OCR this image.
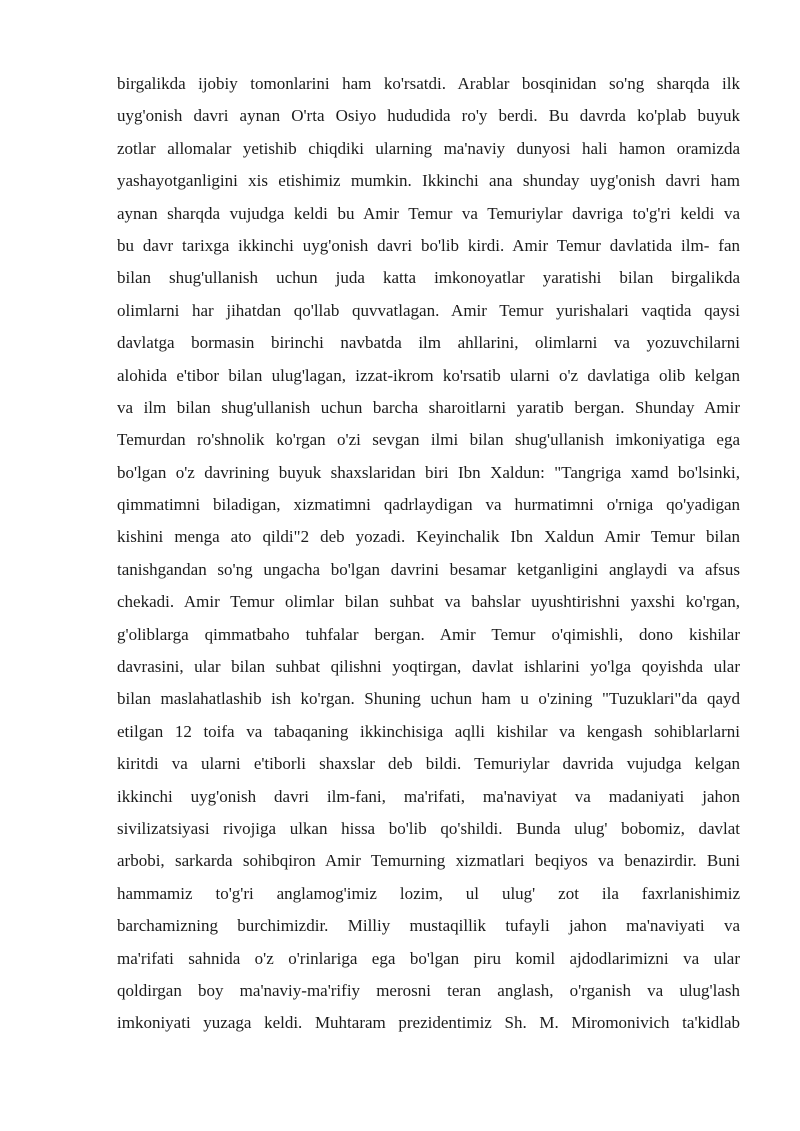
birgalikda ijobiy tomonlarini ham ko'rsatdi. Arablar bosqinidan so'ng sharqda ilk
uyg'onish davri aynan O'rta Osiyo hududida ro'y berdi. Bu davrda ko'plab buyuk
zotlar allomalar yetishib chiqdiki ularning ma'naviy dunyosi hali hamon oramizda
yashayotganligini xis etishimiz mumkin. Ikkinchi ana shunday uyg'onish davri ham
aynan sharqda vujudga keldi bu Amir Temur va Temuriylar davriga to'g'ri keldi va
bu davr tarixga ikkinchi uyg'onish davri bo'lib kirdi. Amir Temur davlatida ilm- fan
bilan shug'ullanish uchun juda katta imkonoyatlar yaratishi bilan birgalikda
olimlarni har jihatdan qo'llab quvvatlagan. Amir Temur yurishalari vaqtida qaysi
davlatga bormasin birinchi navbatda ilm ahllarini, olimlarni va yozuvchilarni
alohida e'tibor bilan ulug'lagan, izzat-ikrom ko'rsatib ularni o'z davlatiga olib kelgan
va ilm bilan shug'ullanish uchun barcha sharoitlarni yaratib bergan. Shunday Amir
Temurdan ro'shnolik ko'rgan o'zi sevgan ilmi bilan shug'ullanish imkoniyatiga ega
bo'lgan o'z davrining buyuk shaxslaridan biri Ibn Xaldun: "Tangriga xamd bo'lsinki,
qimmatimni biladigan, xizmatimni qadrlaydigan va hurmatimni o'rniga qo'yadigan
kishini menga ato qildi"2 deb yozadi. Keyinchalik Ibn Xaldun Amir Temur bilan
tanishgandan so'ng ungacha bo'lgan davrini besamar ketganligini anglaydi va afsus
chekadi. Amir Temur olimlar bilan suhbat va bahslar uyushtirishni yaxshi ko'rgan,
g'oliblarga qimmatbaho tuhfalar bergan. Amir Temur o'qimishli, dono kishilar
davrasini, ular bilan suhbat qilishni yoqtirgan, davlat ishlarini yo'lga qoyishda ular
bilan maslahatlashib ish ko'rgan. Shuning uchun ham u o'zining "Tuzuklari"da qayd
etilgan 12 toifa va tabaqaning ikkinchisiga aqlli kishilar va kengash sohiblarlarni
kiritdi va ularni e'tiborli shaxslar deb bildi. Temuriylar davrida vujudga kelgan
ikkinchi uyg'onish davri ilm-fani, ma'rifati, ma'naviyat va madaniyati jahon
sivilizatsiyasi rivojiga ulkan hissa bo'lib qo'shildi. Bunda ulug' bobomiz, davlat
arbobi, sarkarda sohibqiron Amir Temurning xizmatlari beqiyos va benazirdir. Buni
hammamiz to'g'ri anglamog'imiz lozim, ul ulug' zot ila faxrlanishimiz
barchamizning burchimizdir. Milliy mustaqillik tufayli jahon ma'naviyati va
ma'rifati sahnida o'z o'rinlariga ega bo'lgan piru komil ajdodlarimizni va ular
qoldirgan boy ma'naviy-ma'rifiy merosni teran anglash, o'rganish va ulug'lash
imkoniyati yuzaga keldi. Muhtaram prezidentimiz Sh. M. Miromonivich ta'kidlab
